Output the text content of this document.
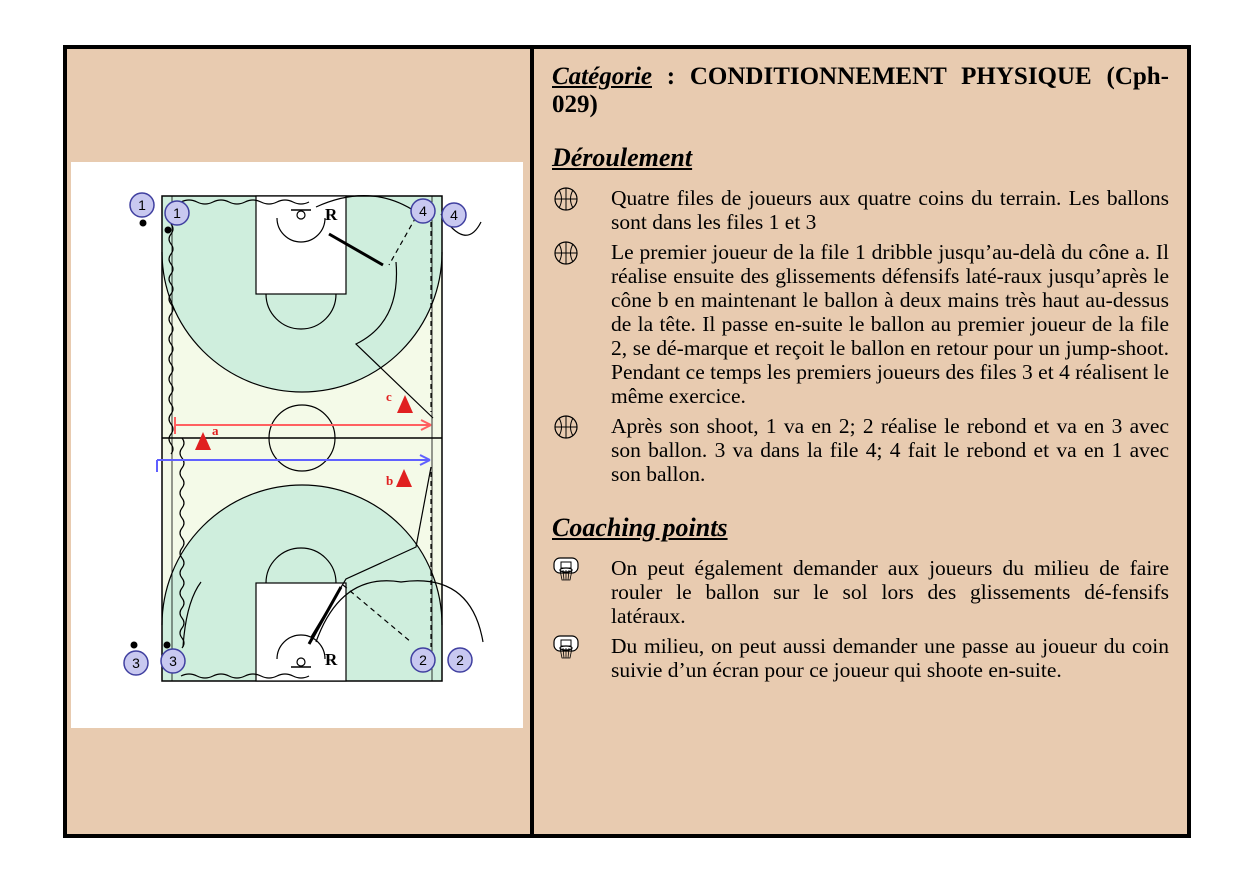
1 1	4 4
3 3	2 2
R
R
a
b
c
Catégorie : CONDITIONNEMENT PHYSIQUE (Cph-029)
Déroulement
Quatre files de joueurs aux quatre coins du terrain. Les ballons sont dans les files 1 et 3
Le premier joueur de la file 1 dribble jusqu’au-delà du cône a. Il réalise ensuite des glissements défensifs laté-raux jusqu’après le cône b en maintenant le ballon à deux mains très haut au-dessus de la tête. Il passe en-suite le ballon au premier joueur de la file 2, se dé-marque et reçoit le ballon en retour pour un jump-shoot. Pendant ce temps les premiers joueurs des files 3 et 4 réalisent le même exercice.
Après son shoot, 1 va en 2; 2 réalise le rebond et va en 3 avec son ballon. 3 va dans la file 4; 4 fait le rebond et va en 1 avec son ballon.
Coaching points
On peut également demander aux joueurs du milieu de faire rouler le ballon sur le sol lors des glissements dé-fensifs latéraux.
Du milieu, on peut aussi demander une passe au joueur du coin suivie d’un écran pour ce joueur qui shoote en-suite.
